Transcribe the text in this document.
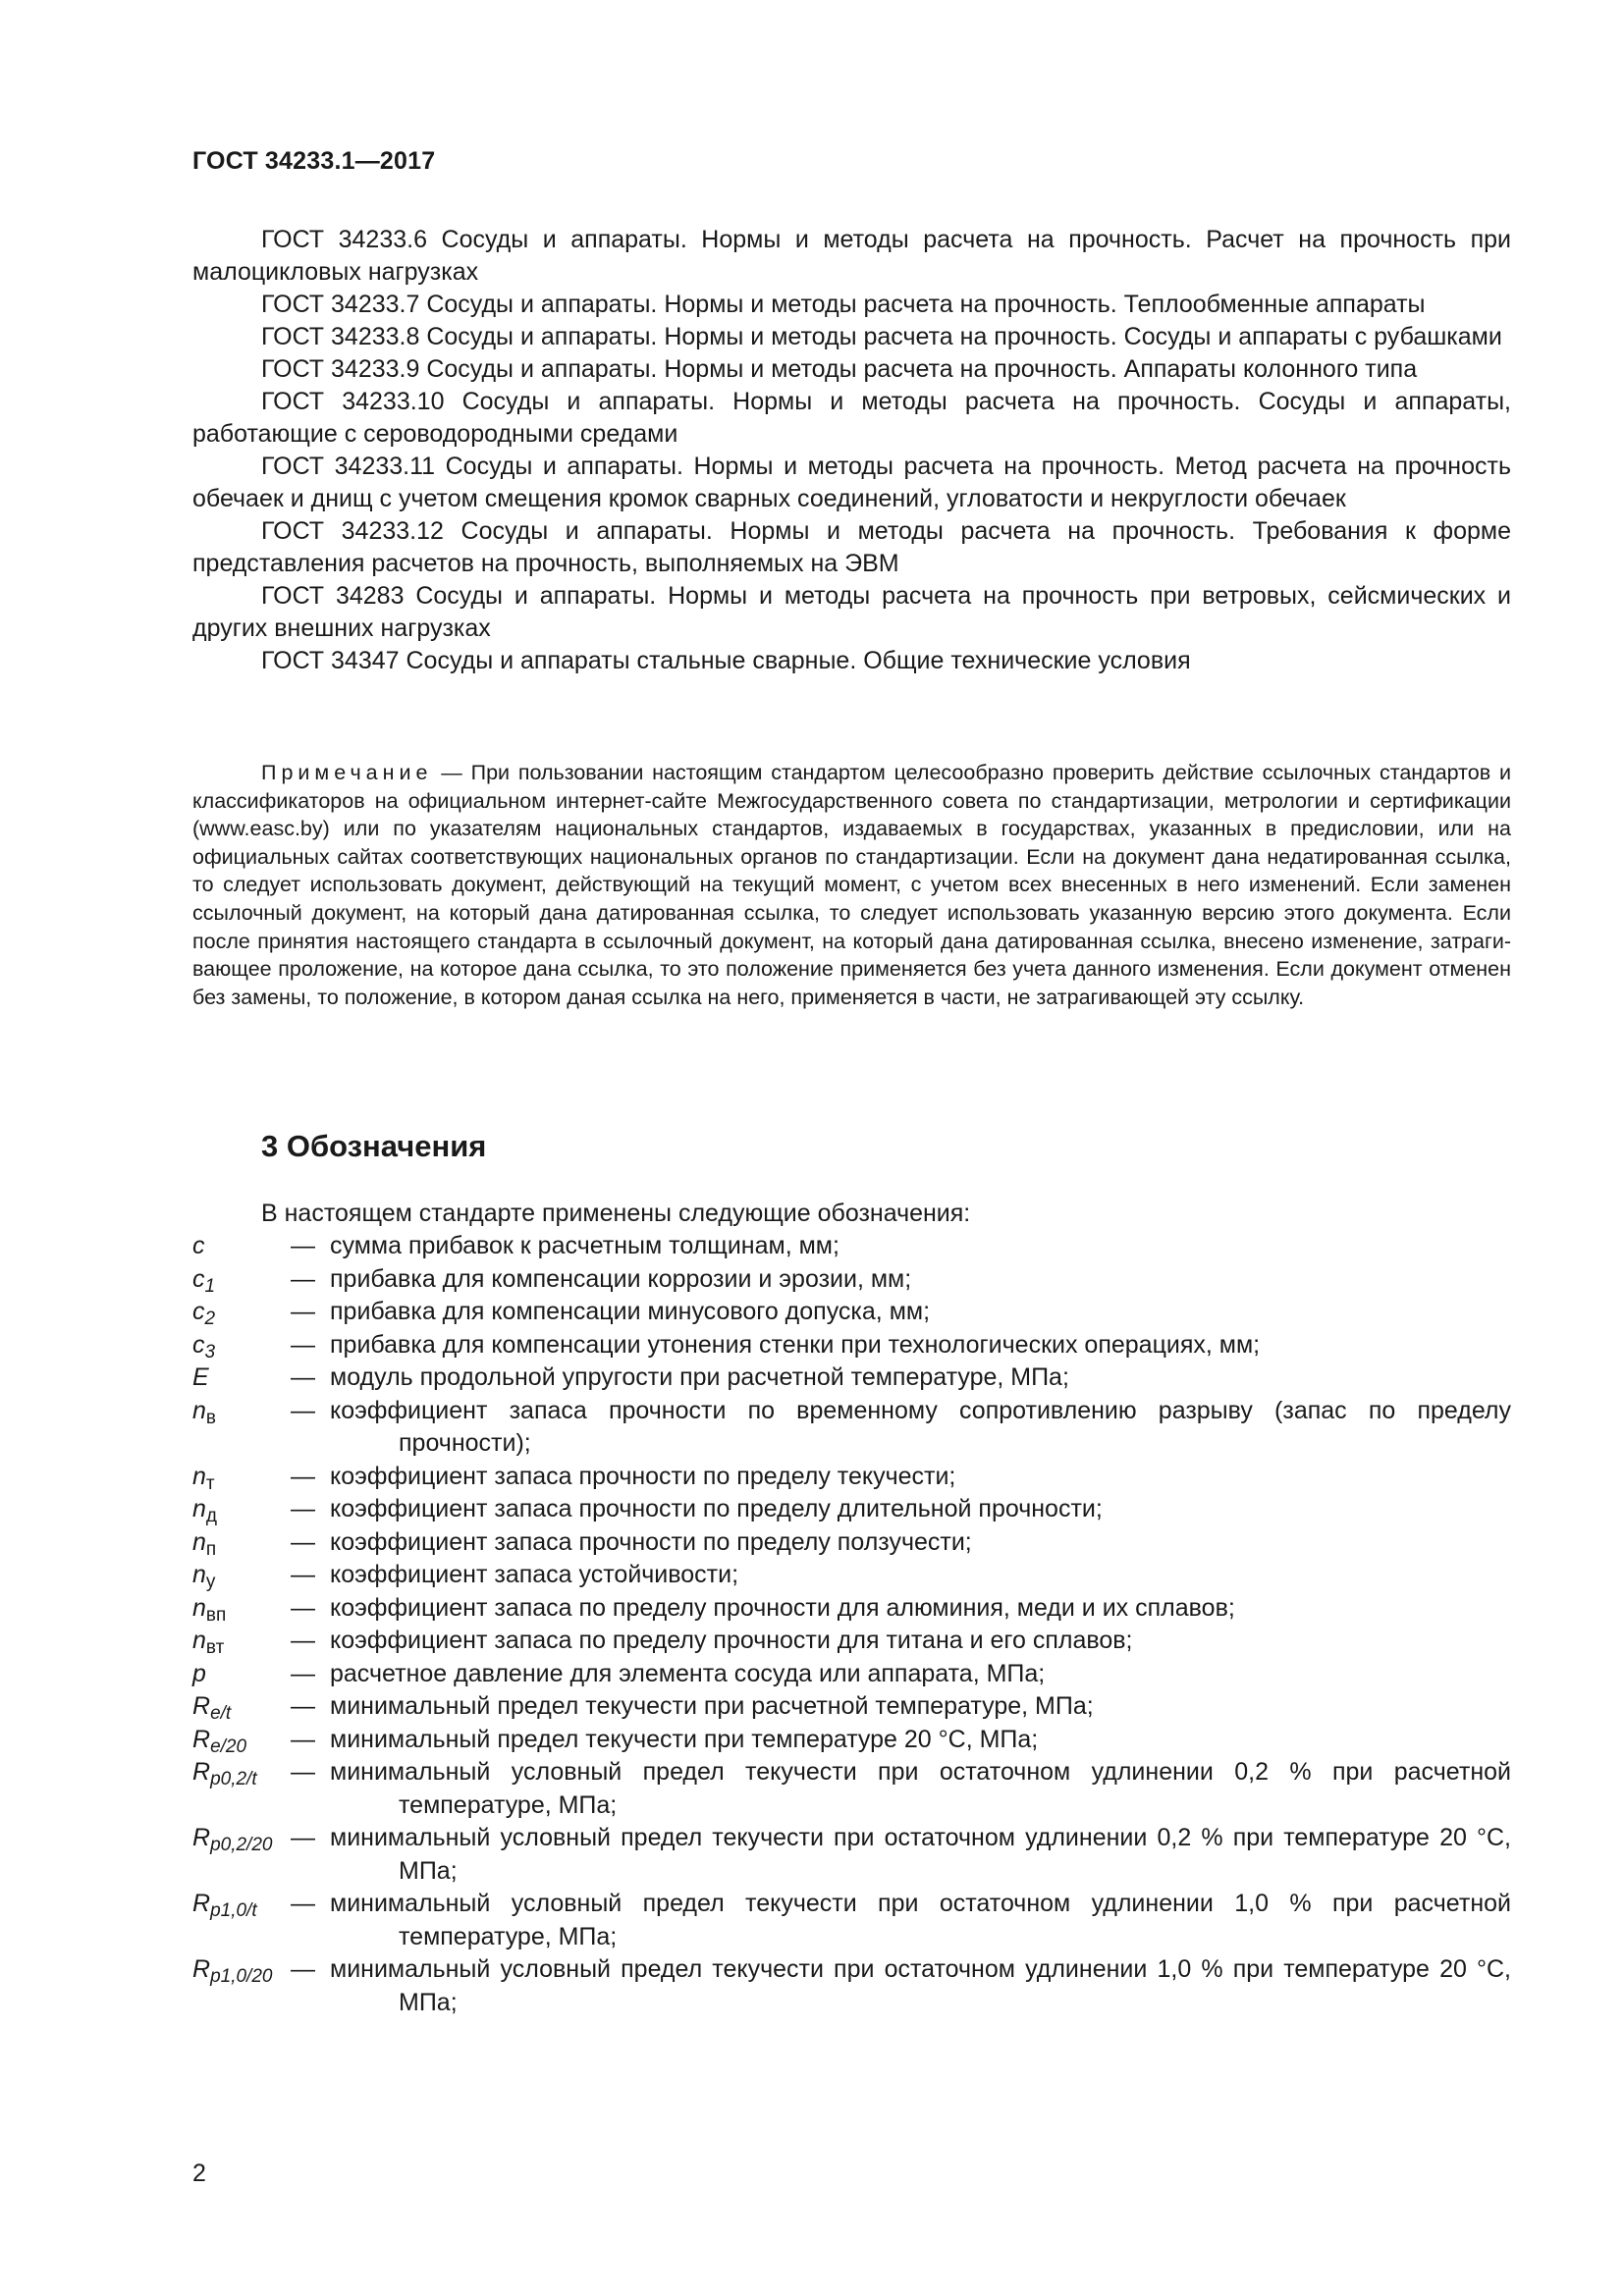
ГОСТ 34233.1—2017

ГОСТ 34233.6 Сосуды и аппараты. Нормы и методы расчета на прочность. Расчет на прочность при малоцикловых нагрузках

ГОСТ 34233.7 Сосуды и аппараты. Нормы и методы расчета на прочность. Теплообменные аппараты

ГОСТ 34233.8 Сосуды и аппараты. Нормы и методы расчета на прочность. Сосуды и аппараты с рубашками

ГОСТ 34233.9 Сосуды и аппараты. Нормы и методы расчета на прочность. Аппараты колонного типа

ГОСТ 34233.10 Сосуды и аппараты. Нормы и методы расчета на прочность. Сосуды и аппараты, работающие с сероводородными средами

ГОСТ 34233.11 Сосуды и аппараты. Нормы и методы расчета на прочность. Метод расчета на прочность обечаек и днищ с учетом смещения кромок сварных соединений, угловатости и некруглости обечаек

ГОСТ 34233.12 Сосуды и аппараты. Нормы и методы расчета на прочность. Требования к форме представления расчетов на прочность, выполняемых на ЭВМ

ГОСТ 34283 Сосуды и аппараты. Нормы и методы расчета на прочность при ветровых, сейсмических и других внешних нагрузках

ГОСТ 34347 Сосуды и аппараты стальные сварные. Общие технические условия

Примечание — При пользовании настоящим стандартом целесообразно проверить действие ссылочных стандартов и классификаторов на официальном интернет-сайте Межгосударственного совета по стандартизации, метрологии и сертификации (www.easc.by) или по указателям национальных стандартов, издаваемых в государствах, указанных в предисловии, или на официальных сайтах соответствующих национальных органов по стандартизации. Если на документ дана недатированная ссылка, то следует использовать документ, действующий на текущий момент, с учетом всех внесенных в него изменений. Если заменен ссылочный документ, на который дана датированная ссылка, то следует использовать указанную версию этого документа. Если после принятия настоящего стандарта в ссылочный документ, на который дана датированная ссылка, внесено изменение, затрагивающее проложение, на которое дана ссылка, то это положение применяется без учета данного изменения. Если документ отменен без замены, то положение, в котором даная ссылка на него, применяется в части, не затрагивающей эту ссылку.

3 Обозначения

В настоящем стандарте применены следующие обозначения:

c	— сумма прибавок к расчетным толщинам, мм;
$c_1$	— прибавка для компенсации коррозии и эрозии, мм;
$c_2$	— прибавка для компенсации минусового допуска, мм;
$c_3$	— прибавка для компенсации утонения стенки при технологических операциях, мм;
E	— модуль продольной упругости при расчетной температуре, МПа;
$n_в$	— коэффициент запаса прочности по временному сопротивлению разрыву (запас по пределу прочности);
$n_т$	— коэффициент запаса прочности по пределу текучести;
$n_д$	— коэффициент запаса прочности по пределу длительной прочности;
$n_п$	— коэффициент запаса прочности по пределу ползучести;
$n_у$	— коэффициент запаса устойчивости;
$n_{вп}$	— коэффициент запаса по пределу прочности для алюминия, меди и их сплавов;
$n_{вт}$	— коэффициент запаса по пределу прочности для титана и его сплавов;
p	— расчетное давление для элемента сосуда или аппарата, МПа;
$R_{e/t}$	— минимальный предел текучести при расчетной температуре, МПа;
$R_{e/20}$	— минимальный предел текучести при температуре 20 °С, МПа;
$R_{p0,2/t}$	— минимальный условный предел текучести при остаточном удлинении 0,2 % при расчетной температуре, МПа;
$R_{p0,2/20}$ — минимальный условный предел текучести при остаточном удлинении 0,2 % при температуре 20 °С, МПа;
$R_{p1,0/t}$	— минимальный условный предел текучести при остаточном удлинении 1,0 % при расчетной температуре, МПа;
$R_{p1,0/20}$ — минимальный условный предел текучести при остаточном удлинении 1,0 % при температуре 20 °С, МПа;
2
